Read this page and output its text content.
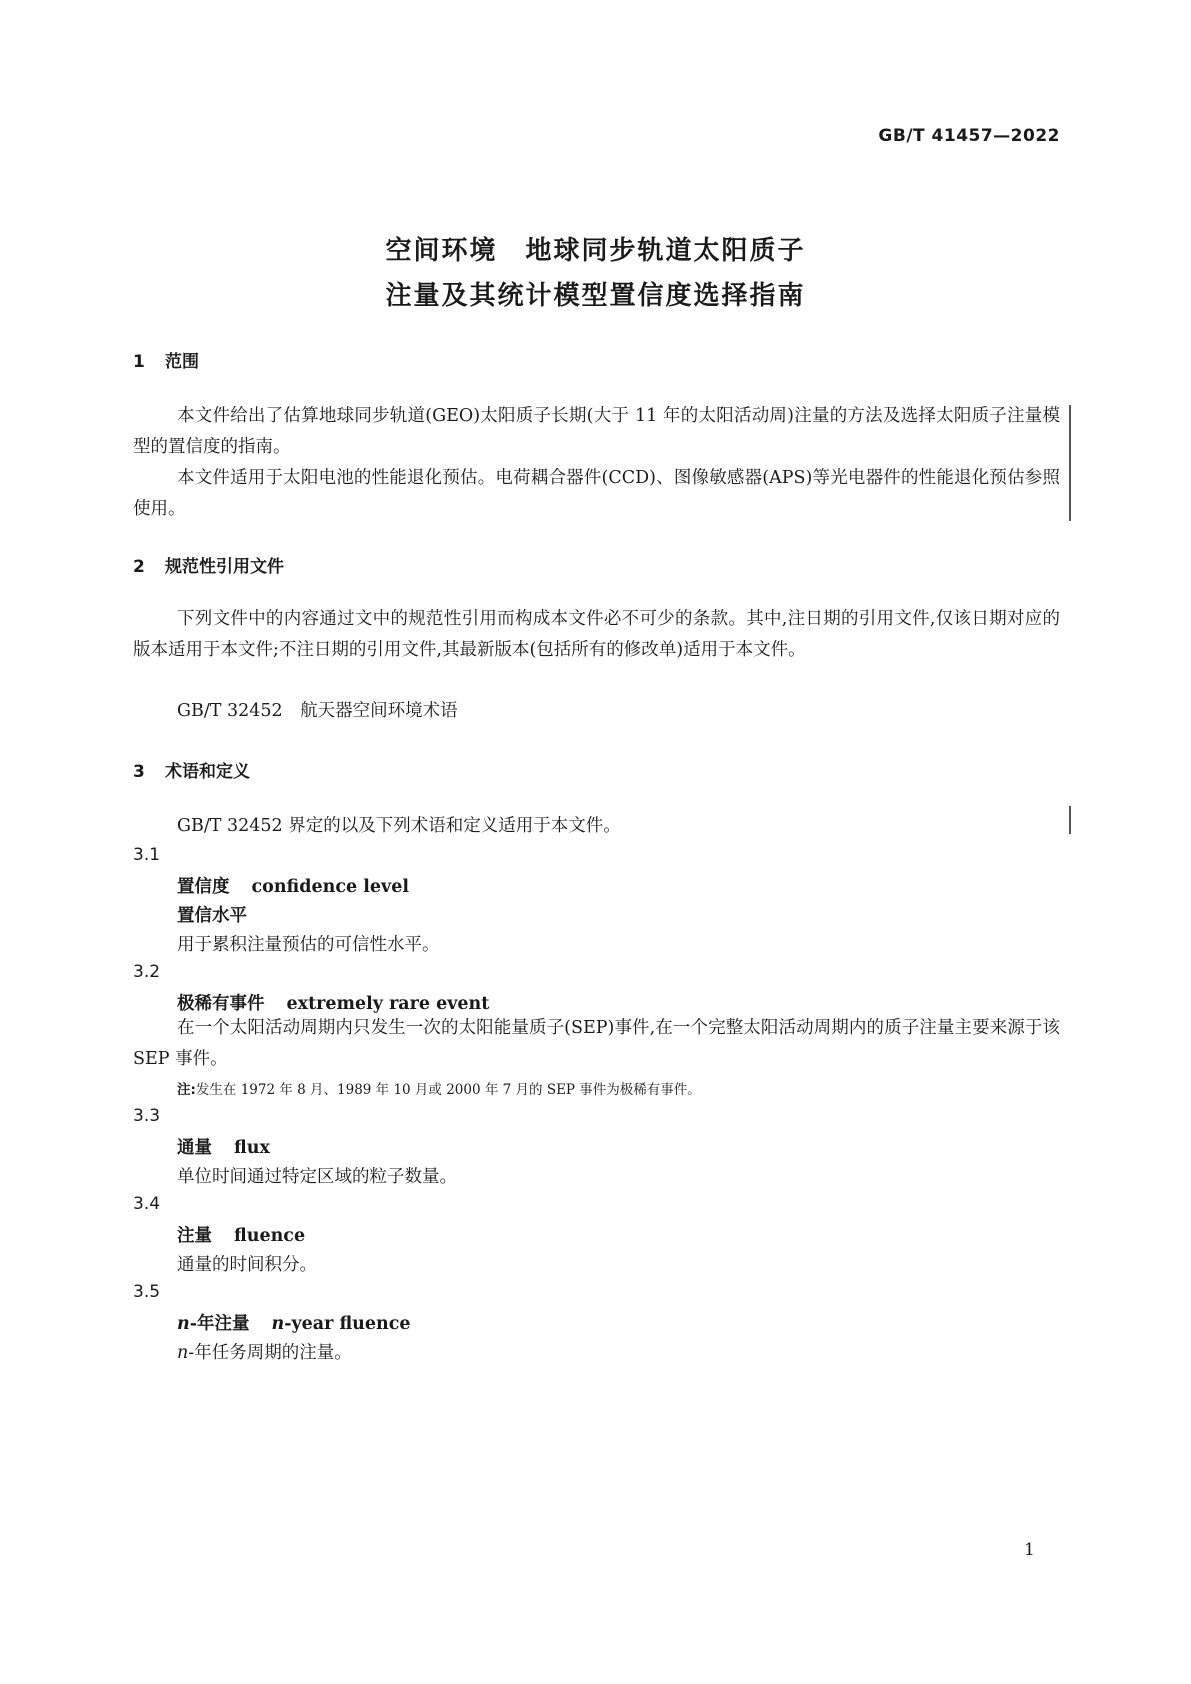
GB/T 41457—2022
空间环境　地球同步轨道太阳质子
注量及其统计模型置信度选择指南
1 范围
本文件给出了估算地球同步轨道(GEO)太阳质子长期(大于 11 年的太阳活动周)注量的方法及选择太阳质子注量模型的置信度的指南。
本文件适用于太阳电池的性能退化预估。电荷耦合器件(CCD)、图像敏感器(APS)等光电器件的性能退化预估参照使用。
2 规范性引用文件
下列文件中的内容通过文中的规范性引用而构成本文件必不可少的条款。其中,注日期的引用文件,仅该日期对应的版本适用于本文件;不注日期的引用文件,其最新版本(包括所有的修改单)适用于本文件。
GB/T 32452　航天器空间环境术语
3 术语和定义
GB/T 32452 界定的以及下列术语和定义适用于本文件。
3.1
置信度 confidence level
置信水平
用于累积注量预估的可信性水平。
3.2
极稀有事件 extremely rare event
在一个太阳活动周期内只发生一次的太阳能量质子(SEP)事件,在一个完整太阳活动周期内的质子注量主要来源于该 SEP 事件。
注:发生在 1972 年 8 月、1989 年 10 月或 2000 年 7 月的 SEP 事件为极稀有事件。
3.3
通量 flux
单位时间通过特定区域的粒子数量。
3.4
注量 fluence
通量的时间积分。
3.5
n-年注量 n-year fluence
n-年任务周期的注量。
1
